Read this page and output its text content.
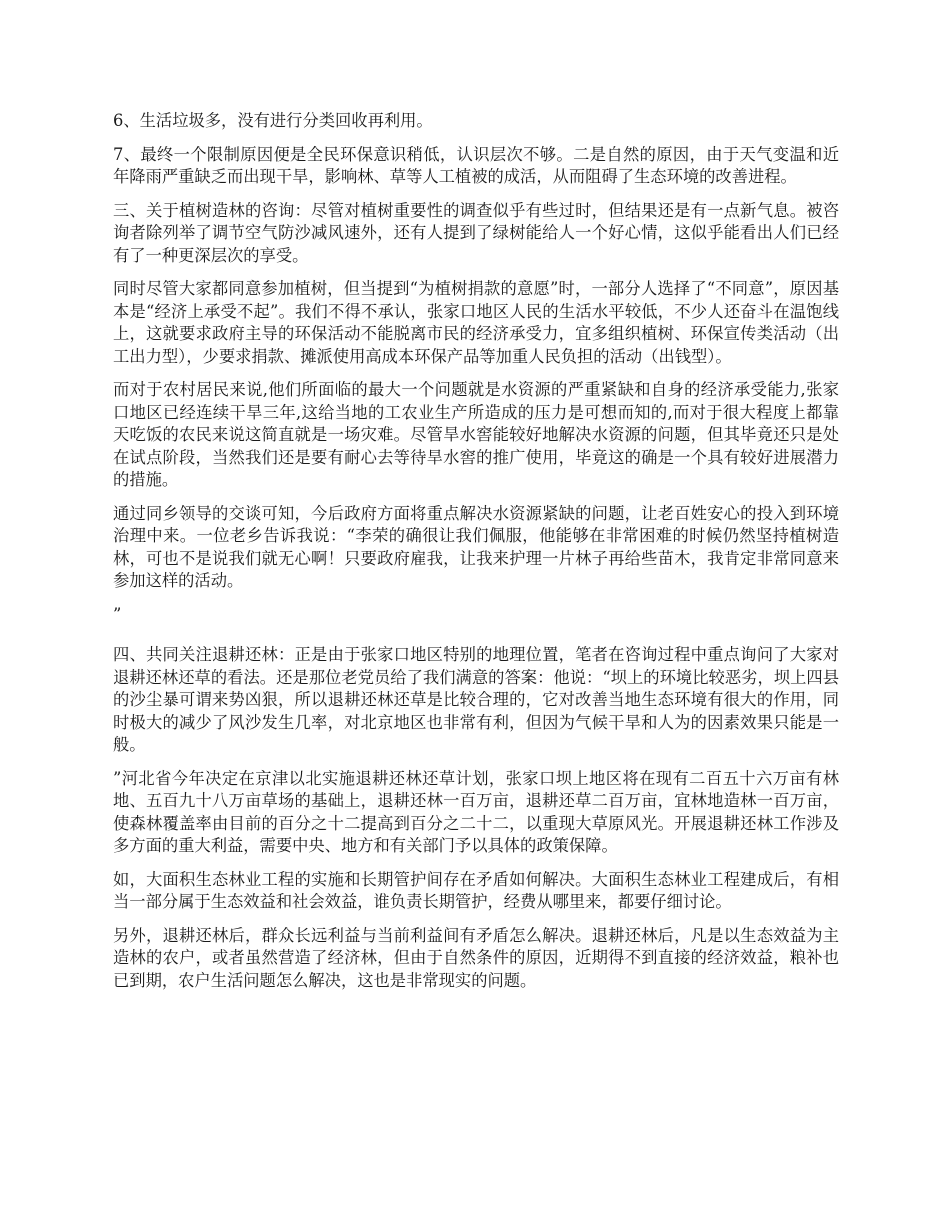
6、生活垃圾多，没有进行分类回收再利用。

7、最终一个限制原因便是全民环保意识稍低，认识层次不够。二是自然的原因，由于天气变温和近年降雨严重缺乏而出现干旱，影响林、草等人工植被的成活，从而阻碍了生态环境的改善进程。

三、关于植树造林的咨询：尽管对植树重要性的调查似乎有些过时，但结果还是有一点新气息。被咨询者除列举了调节空气防沙减风速外，还有人提到了绿树能给人一个好心情，这似乎能看出人们已经有了一种更深层次的享受。

同时尽管大家都同意参加植树，但当提到“为植树捐款的意愿”时，一部分人选择了“不同意”，原因基本是“经济上承受不起”。我们不得不承认，张家口地区人民的生活水平较低，不少人还奋斗在温饱线上，这就要求政府主导的环保活动不能脱离市民的经济承受力，宜多组织植树、环保宣传类活动（出工出力型），少要求捐款、摊派使用高成本环保产品等加重人民负担的活动（出钱型）。

而对于农村居民来说,他们所面临的最大一个问题就是水资源的严重紧缺和自身的经济承受能力,张家口地区已经连续干旱三年,这给当地的工农业生产所造成的压力是可想而知的,而对于很大程度上都靠天吃饭的农民来说这简直就是一场灾难。尽管旱水窖能较好地解决水资源的问题，但其毕竟还只是处在试点阶段，当然我们还是要有耐心去等待旱水窖的推广使用，毕竟这的确是一个具有较好进展潜力的措施。

通过同乡领导的交谈可知，今后政府方面将重点解决水资源紧缺的问题，让老百姓安心的投入到环境治理中来。一位老乡告诉我说：“李荣的确很让我们佩服，他能够在非常困难的时候仍然坚持植树造林，可也不是说我们就无心啊！只要政府雇我，让我来护理一片林子再给些苗木，我肯定非常同意来参加这样的活动。

”

四、共同关注退耕还林：正是由于张家口地区特别的地理位置，笔者在咨询过程中重点询问了大家对退耕还林还草的看法。还是那位老党员给了我们满意的答案：他说：“坝上的环境比较恶劣，坝上四县的沙尘暴可谓来势凶狠，所以退耕还林还草是比较合理的，它对改善当地生态环境有很大的作用，同时极大的减少了风沙发生几率，对北京地区也非常有利，但因为气候干旱和人为的因素效果只能是一般。

”河北省今年决定在京津以北实施退耕还林还草计划，张家口坝上地区将在现有二百五十六万亩有林地、五百九十八万亩草场的基础上，退耕还林一百万亩，退耕还草二百万亩，宜林地造林一百万亩，使森林覆盖率由目前的百分之十二提高到百分之二十二，以重现大草原风光。开展退耕还林工作涉及多方面的重大利益，需要中央、地方和有关部门予以具体的政策保障。

如，大面积生态林业工程的实施和长期管护间存在矛盾如何解决。大面积生态林业工程建成后，有相当一部分属于生态效益和社会效益，谁负责长期管护，经费从哪里来，都要仔细讨论。

另外，退耕还林后，群众长远利益与当前利益间有矛盾怎么解决。退耕还林后，凡是以生态效益为主造林的农户，或者虽然营造了经济林，但由于自然条件的原因，近期得不到直接的经济效益，粮补也已到期，农户生活问题怎么解决，这也是非常现实的问题。
